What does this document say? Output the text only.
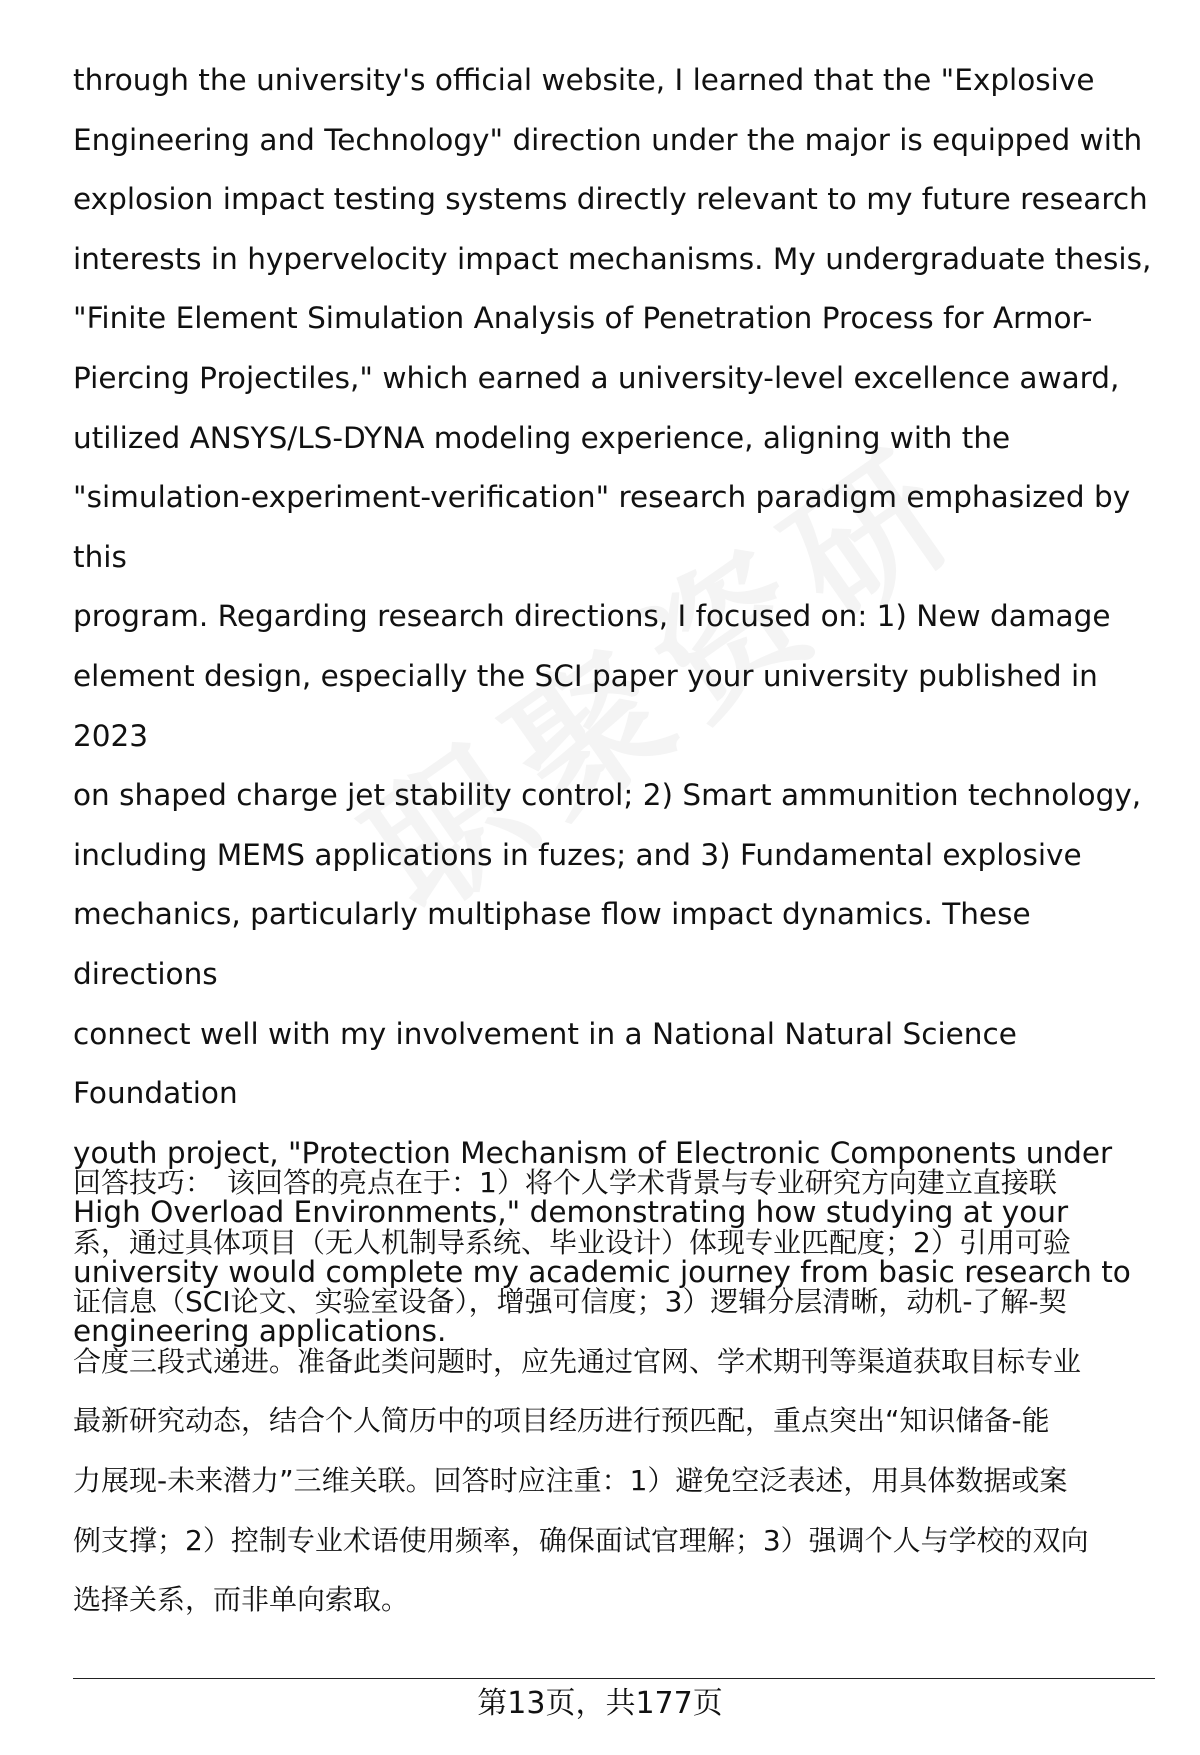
through the university's official website, I learned that the "Explosive
Engineering and Technology" direction under the major is equipped with
explosion impact testing systems directly relevant to my future research
interests in hypervelocity impact mechanisms. My undergraduate thesis,
"Finite Element Simulation Analysis of Penetration Process for Armor-
Piercing Projectiles," which earned a university-level excellence award,
utilized ANSYS/LS-DYNA modeling experience, aligning with the
"simulation-experiment-verification" research paradigm emphasized by this
program. Regarding research directions, I focused on: 1) New damage
element design, especially the SCI paper your university published in 2023
on shaped charge jet stability control; 2) Smart ammunition technology,
including MEMS applications in fuzes; and 3) Fundamental explosive
mechanics, particularly multiphase flow impact dynamics. These directions
connect well with my involvement in a National Natural Science Foundation
youth project, "Protection Mechanism of Electronic Components under
High Overload Environments," demonstrating how studying at your
university would complete my academic journey from basic research to
engineering applications.
回答技巧： 该回答的亮点在于：1）将个人学术背景与专业研究方向建立直接联
系，通过具体项目（无人机制导系统、毕业设计）体现专业匹配度；2）引用可验
证信息（SCI论文、实验室设备），增强可信度；3）逻辑分层清晰，动机-了解-契
合度三段式递进。准备此类问题时，应先通过官网、学术期刊等渠道获取目标专业
最新研究动态，结合个人简历中的项目经历进行预匹配，重点突出“知识储备-能
力展现-未来潜力”三维关联。回答时应注重：1）避免空泛表述，用具体数据或案
例支撑；2）控制专业术语使用频率，确保面试官理解；3）强调个人与学校的双向
选择关系，而非单向索取。
第13页，共177页
